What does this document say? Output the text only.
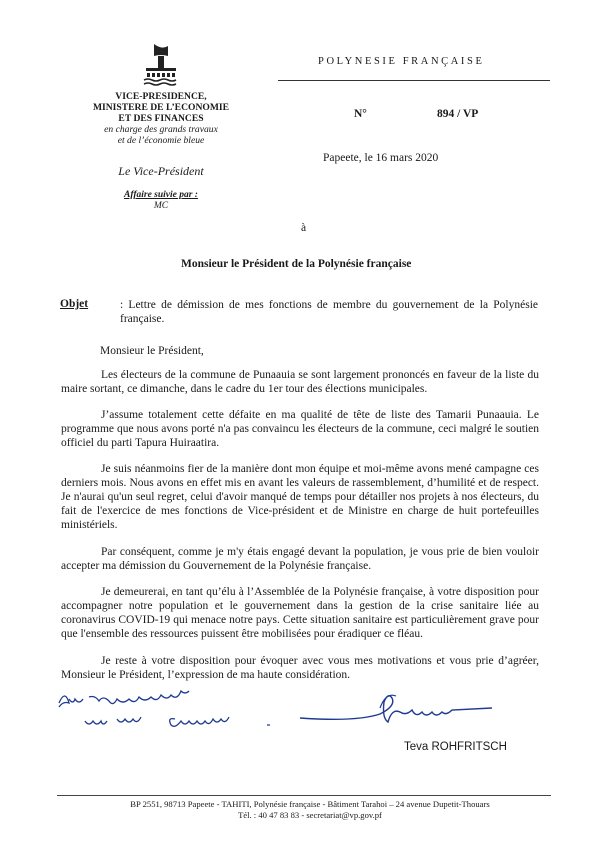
VICE-PRESIDENCE,
MINISTERE DE L’ECONOMIE
ET DES FINANCES
en charge des grands travaux
et de l’économie bleue
Le Vice-Président
Affaire suivie par :
MC
POLYNESIE FRANÇAISE
N°	894 / VP
Papeete, le 16 mars 2020
à
Monsieur le Président de la Polynésie française
Objet	: Lettre de démission de mes fonctions de membre du gouvernement de la Polynésie française.
Monsieur le Président,
Les électeurs de la commune de Punaauia se sont largement prononcés en faveur de la liste du maire sortant, ce dimanche, dans le cadre du 1er tour des élections municipales.
J’assume totalement cette défaite en ma qualité de tête de liste des Tamarii Punaauia. Le programme que nous avons porté n'a pas convaincu les électeurs de la commune, ceci malgré le soutien officiel du parti Tapura Huiraatira.
Je suis néanmoins fier de la manière dont mon équipe et moi-même avons mené campagne ces derniers mois. Nous avons en effet mis en avant les valeurs de rassemblement, d’humilité et de respect. Je n'aurai qu'un seul regret, celui d'avoir manqué de temps pour détailler nos projets à nos électeurs, du fait de l'exercice de mes fonctions de Vice-président et de Ministre en charge de huit portefeuilles ministériels.
Par conséquent, comme je m'y étais engagé devant la population, je vous prie de bien vouloir accepter ma démission du Gouvernement de la Polynésie française.
Je demeurerai, en tant qu’élu à l’Assemblée de la Polynésie française, à votre disposition pour accompagner notre population et le gouvernement dans la gestion de la crise sanitaire liée au coronavirus COVID-19 qui menace notre pays. Cette situation sanitaire est particulièrement grave pour que l'ensemble des ressources puissent être mobilisées pour éradiquer ce fléau.
Je reste à votre disposition pour évoquer avec vous mes motivations et vous prie d’agréer, Monsieur le Président, l’expression de ma haute considération.
Teva ROHFRITSCH
BP 2551, 98713 Papeete - TAHITI, Polynésie française - Bâtiment Tarahoi – 24 avenue Dupetit-Thouars
Tél. : 40 47 83 83 - secretariat@vp.gov.pf
